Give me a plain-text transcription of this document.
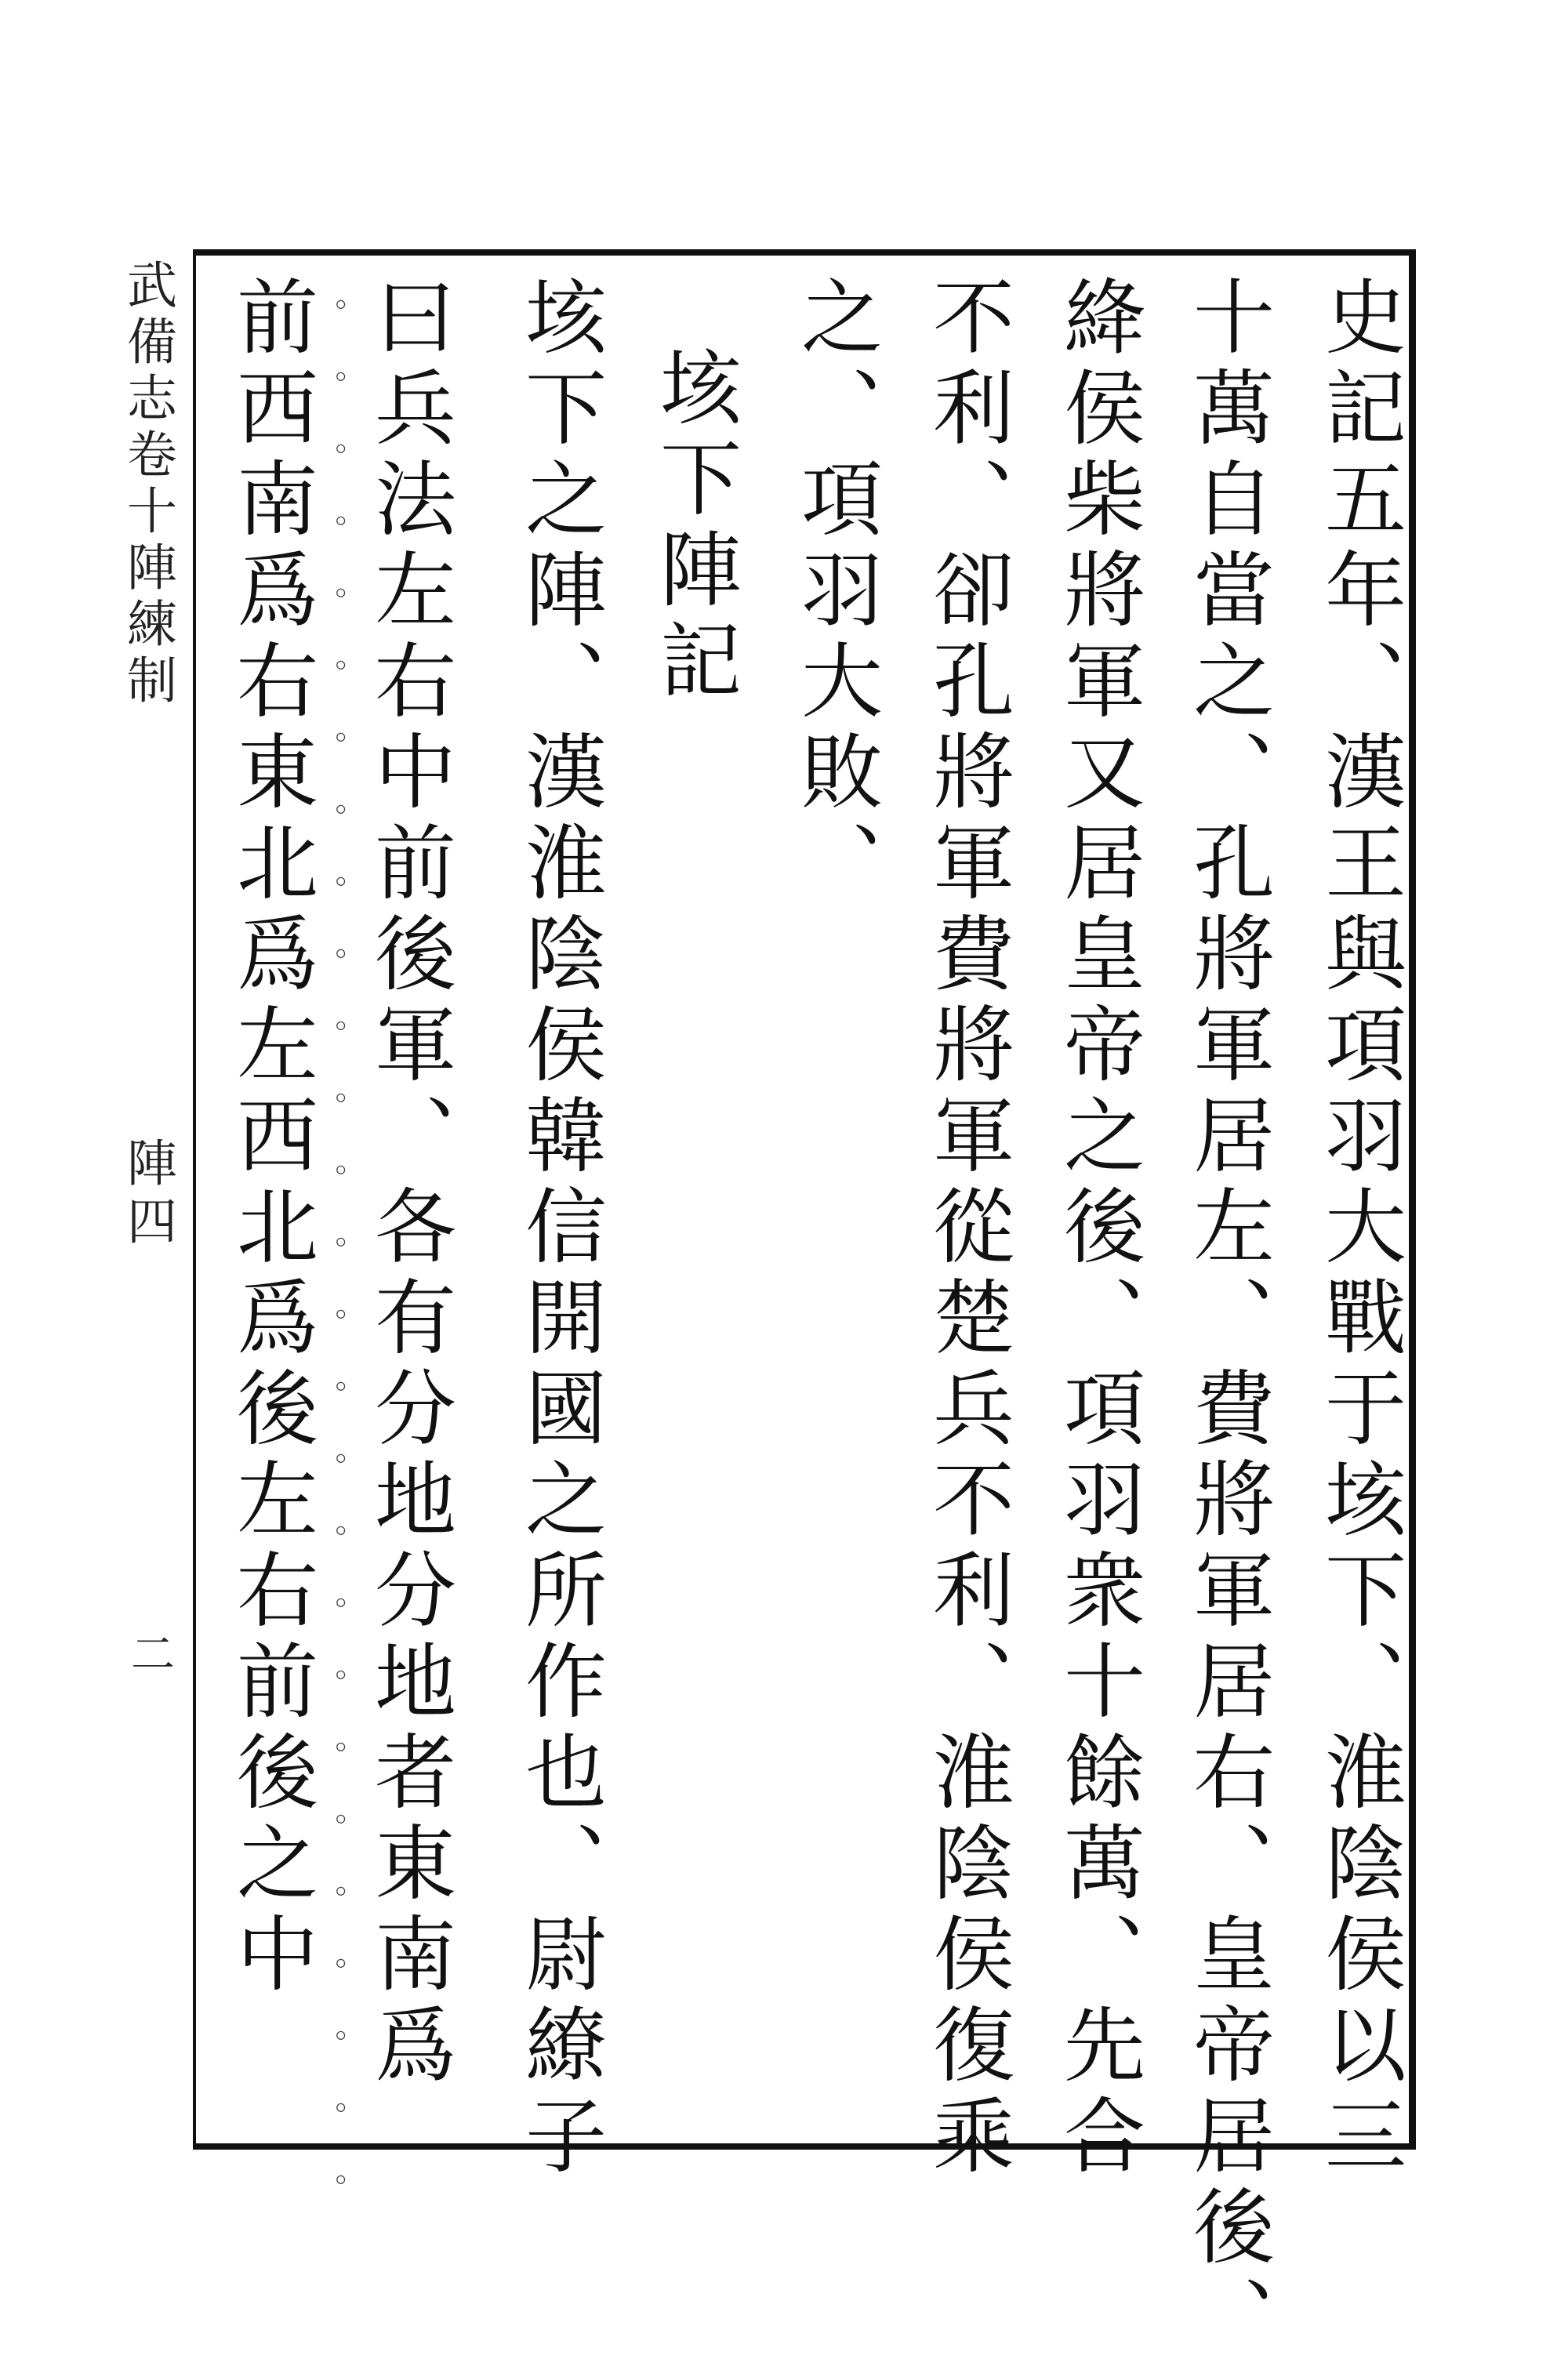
武備志卷十陣練制
陣四
二	史記五年、漢王與項羽大戰于垓下、淮陰侯以三
十萬自當之、孔將軍居左、費將軍居右、皇帝居後、
絳侯柴將軍又居皇帝之後、項羽衆十餘萬、先合
不利、卻孔將軍費將軍從楚兵不利、淮陰侯復乘
之、項羽大敗、
垓下陣記
垓下之陣、漢淮陰侯韓信開國之所作也、尉繚子
曰兵法左右中前後軍、各有分地分地者東南爲
前西南爲右東北爲左西北爲後左右前後之中
。。。。。。。。。。。。。。。。。。。。。。。。。。。
